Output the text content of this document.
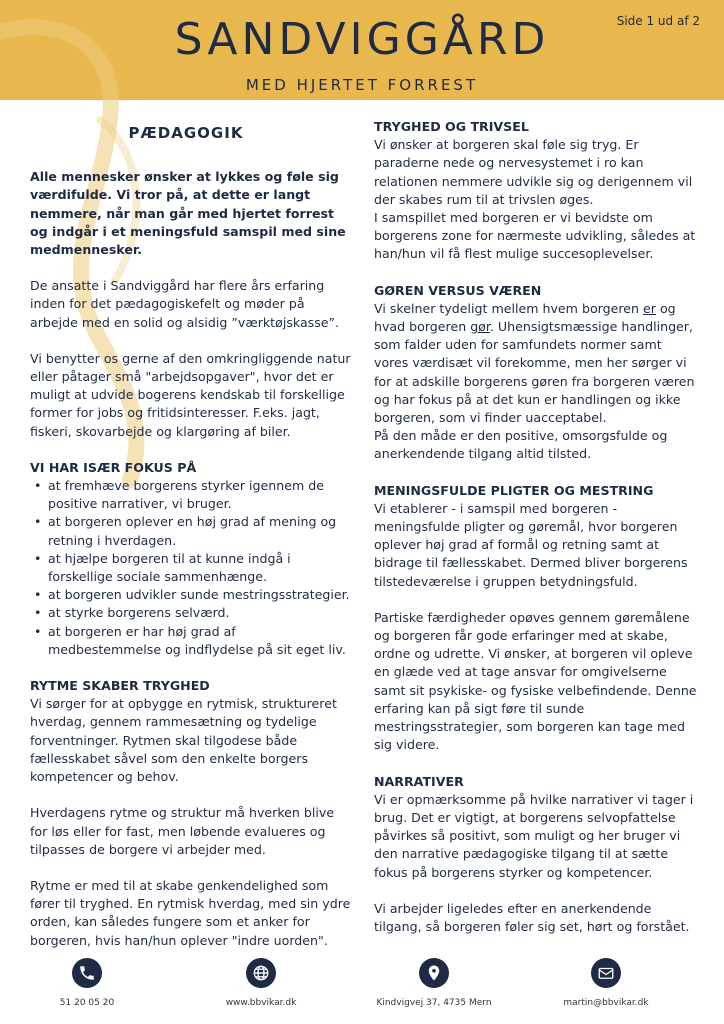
Side 1 ud af 2
SANDVIGGÅRD
MED HJERTET FORREST
PÆDAGOGIK

Alle mennesker ønsker at lykkes og føle sig værdifulde. Vi tror på, at dette er langt nemmere, når man går med hjertet forrest og indgår i et meningsfuld samspil med sine medmennesker.

De ansatte i Sandviggård har flere års erfaring inden for det pædagogiskefelt og møder på arbejde med en solid og alsidig ”værktøjskasse”.

Vi benytter os gerne af den omkringliggende natur eller påtager små "arbejdsopgaver", hvor det er muligt at udvide bogerens kendskab til forskellige former for jobs og fritidsinteresser. F.eks. jagt, fiskeri, skovarbejde og klargøring af biler.

VI HAR ISÆR FOKUS PÅ
• at fremhæve borgerens styrker igennem de positive narrativer, vi bruger.
• at borgeren oplever en høj grad af mening og retning i hverdagen.
• at hjælpe borgeren til at kunne indgå i forskellige sociale sammenhænge.
• at borgeren udvikler sunde mestringsstrategier.
• at styrke borgerens selværd.
• at borgeren er har høj grad af medbestemmelse og indflydelse på sit eget liv.
RYTME SKABER TRYGHED

Vi sørger for at opbygge en rytmisk, struktureret hverdag, gennem rammesætning og tydelige forventninger. Rytmen skal tilgodese både fællesskabet såvel som den enkelte borgers kompetencer og behov.

Hverdagens rytme og struktur må hverken blive for løs eller for fast, men løbende evalueres og tilpasses de borgere vi arbejder med.

Rytme er med til at skabe genkendelighed som fører til tryghed. En rytmisk hverdag, med sin ydre orden, kan således fungere som et anker for borgeren, hvis han/hun oplever "indre uorden".

TRYGHED OG TRIVSEL

Vi ønsker at borgeren skal føle sig tryg. Er paraderne nede og nervesystemet i ro kan relationen nemmere udvikle sig og derigennem vil der skabes rum til at trivslen øges.

I samspillet med borgeren er vi bevidste om borgerens zone for nærmeste udvikling, således at han/hun vil få flest mulige succesoplevelser.

GØREN VERSUS VÆREN

Vi skelner tydeligt mellem hvem borgeren er og hvad borgeren gør. Uhensigtsmæssige handlinger, som falder uden for samfundets normer samt vores værdisæt vil forekomme, men her sørger vi for at adskille borgerens gøren fra borgeren væren og har fokus på at det kun er handlingen og ikke borgeren, som vi finder uacceptabel.

På den måde er den positive, omsorgsfulde og anerkendende tilgang altid tilsted.

MENINGSFULDE PLIGTER OG MESTRING

Vi etablerer - i samspil med borgeren - meningsfulde pligter og gøremål, hvor borgeren oplever høj grad af formål og retning samt at bidrage til fællesskabet. Dermed bliver borgerens tilstedeværelse i gruppen betydningsfuld.

Partiske færdigheder opøves gennem gøremålene og borgeren får gode erfaringer med at skabe, ordne og udrette. Vi ønsker, at borgeren vil opleve en glæde ved at tage ansvar for omgivelserne samt sit psykiske- og fysiske velbefindende. Denne erfaring kan på sigt føre til sunde mestringsstrategier, som borgeren kan tage med sig videre.

NARRATIVER

Vi er opmærksomme på hvilke narrativer vi tager i brug. Det er vigtigt, at borgerens selvopfattelse påvirkes så positivt, som muligt og her bruger vi den narrative pædagogiske tilgang til at sætte fokus på borgerens styrker og kompetencer.

Vi arbejder ligeledes efter en anerkendende tilgang, så borgeren føler sig set, hørt og forstået.

51 20 05 20	www.bbvikar.dk	Kindvigvej 37, 4735 Mern	martin@bbvikar.dk
